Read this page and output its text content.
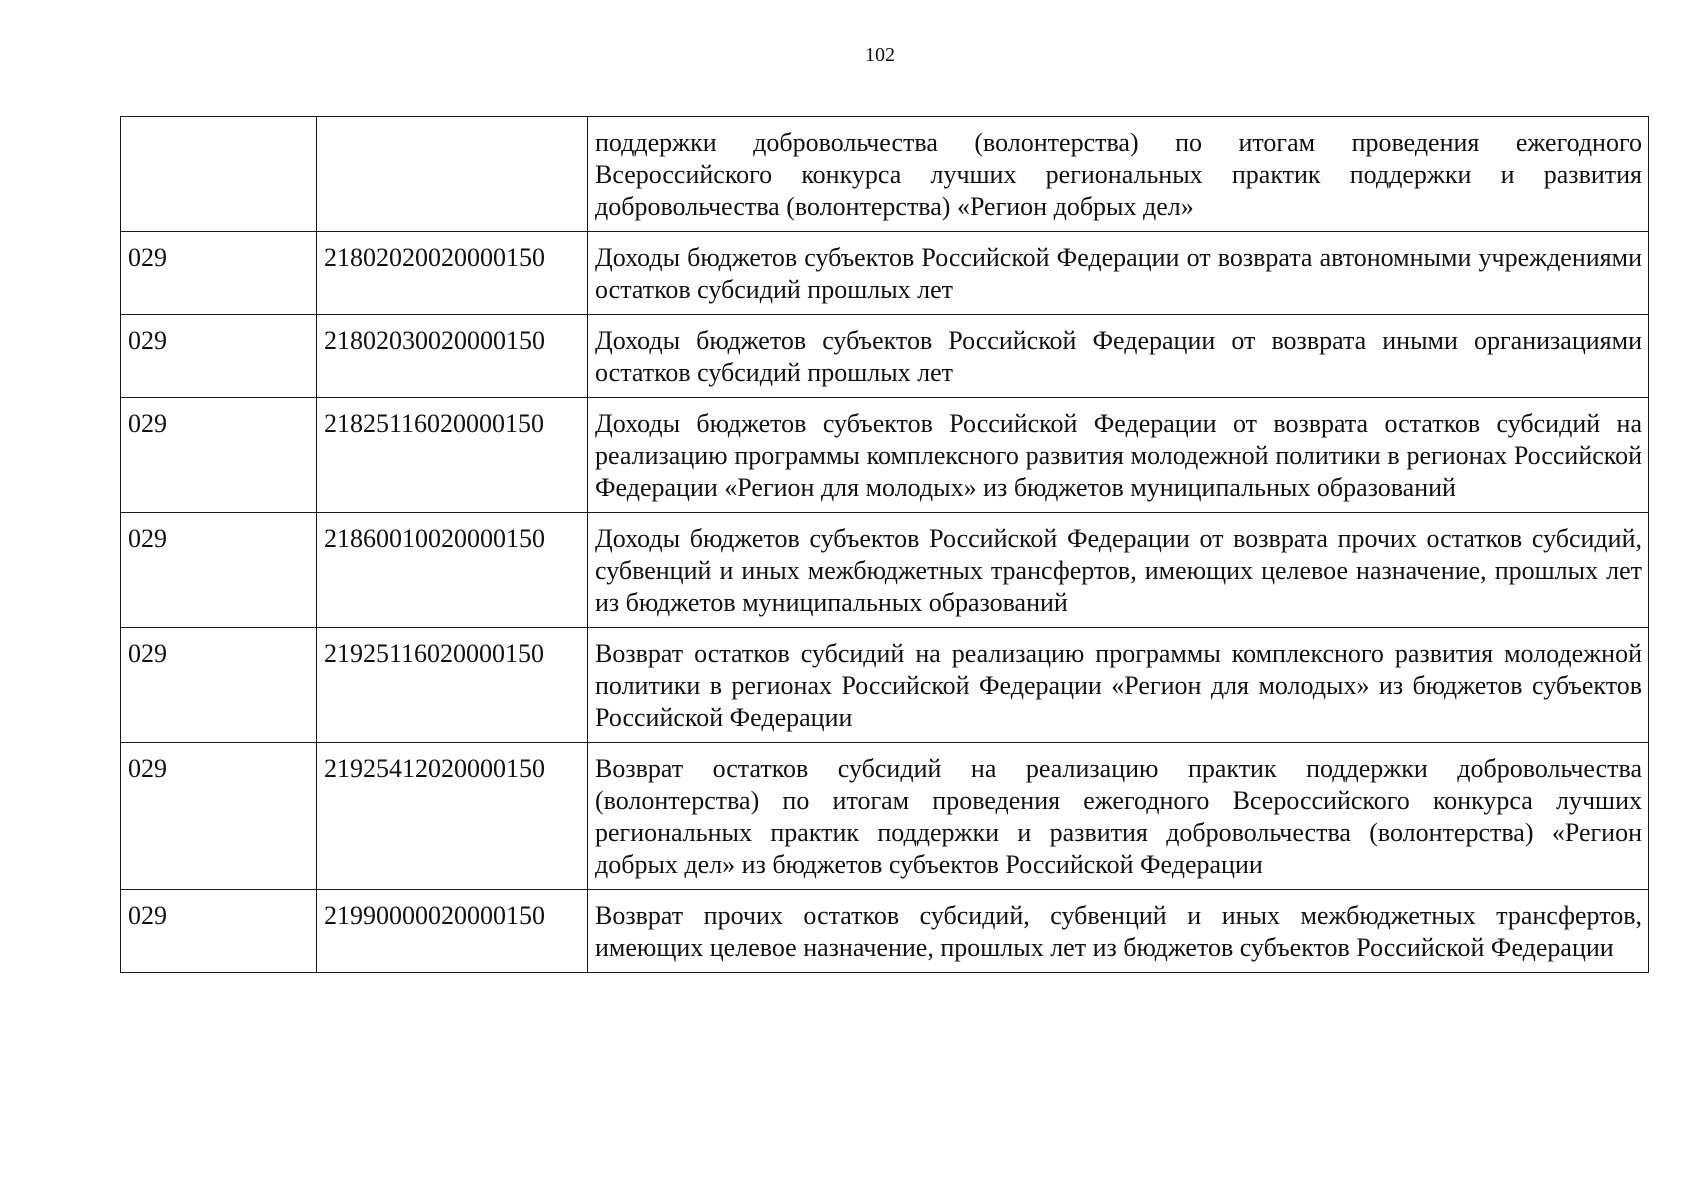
102
		поддержки добровольчества (волонтерства) по итогам проведения ежегодного Всероссийского конкурса лучших региональных практик поддержки и развития добровольчества (волонтерства) «Регион добрых дел»
029	21802020020000150	Доходы бюджетов субъектов Российской Федерации от возврата автономными учреждениями остатков субсидий прошлых лет
029	21802030020000150	Доходы бюджетов субъектов Российской Федерации от возврата иными организациями остатков субсидий прошлых лет
029	21825116020000150	Доходы бюджетов субъектов Российской Федерации от возврата остатков субсидий на реализацию программы комплексного развития молодежной политики в регионах Российской Федерации «Регион для молодых» из бюджетов муниципальных образований
029	21860010020000150	Доходы бюджетов субъектов Российской Федерации от возврата прочих остатков субсидий, субвенций и иных межбюджетных трансфертов, имеющих целевое назначение, прошлых лет из бюджетов муниципальных образований
029	21925116020000150	Возврат остатков субсидий на реализацию программы комплексного развития молодежной политики в регионах Российской Федерации «Регион для молодых» из бюджетов субъектов Российской Федерации
029	21925412020000150	Возврат остатков субсидий на реализацию практик поддержки добровольчества (волонтерства) по итогам проведения ежегодного Всероссийского конкурса лучших региональных практик поддержки и развития добровольчества (волонтерства) «Регион добрых дел» из бюджетов субъектов Российской Федерации
029	21990000020000150	Возврат прочих остатков субсидий, субвенций и иных межбюджетных трансфертов, имеющих целевое назначение, прошлых лет из бюджетов субъектов Российской Федерации
